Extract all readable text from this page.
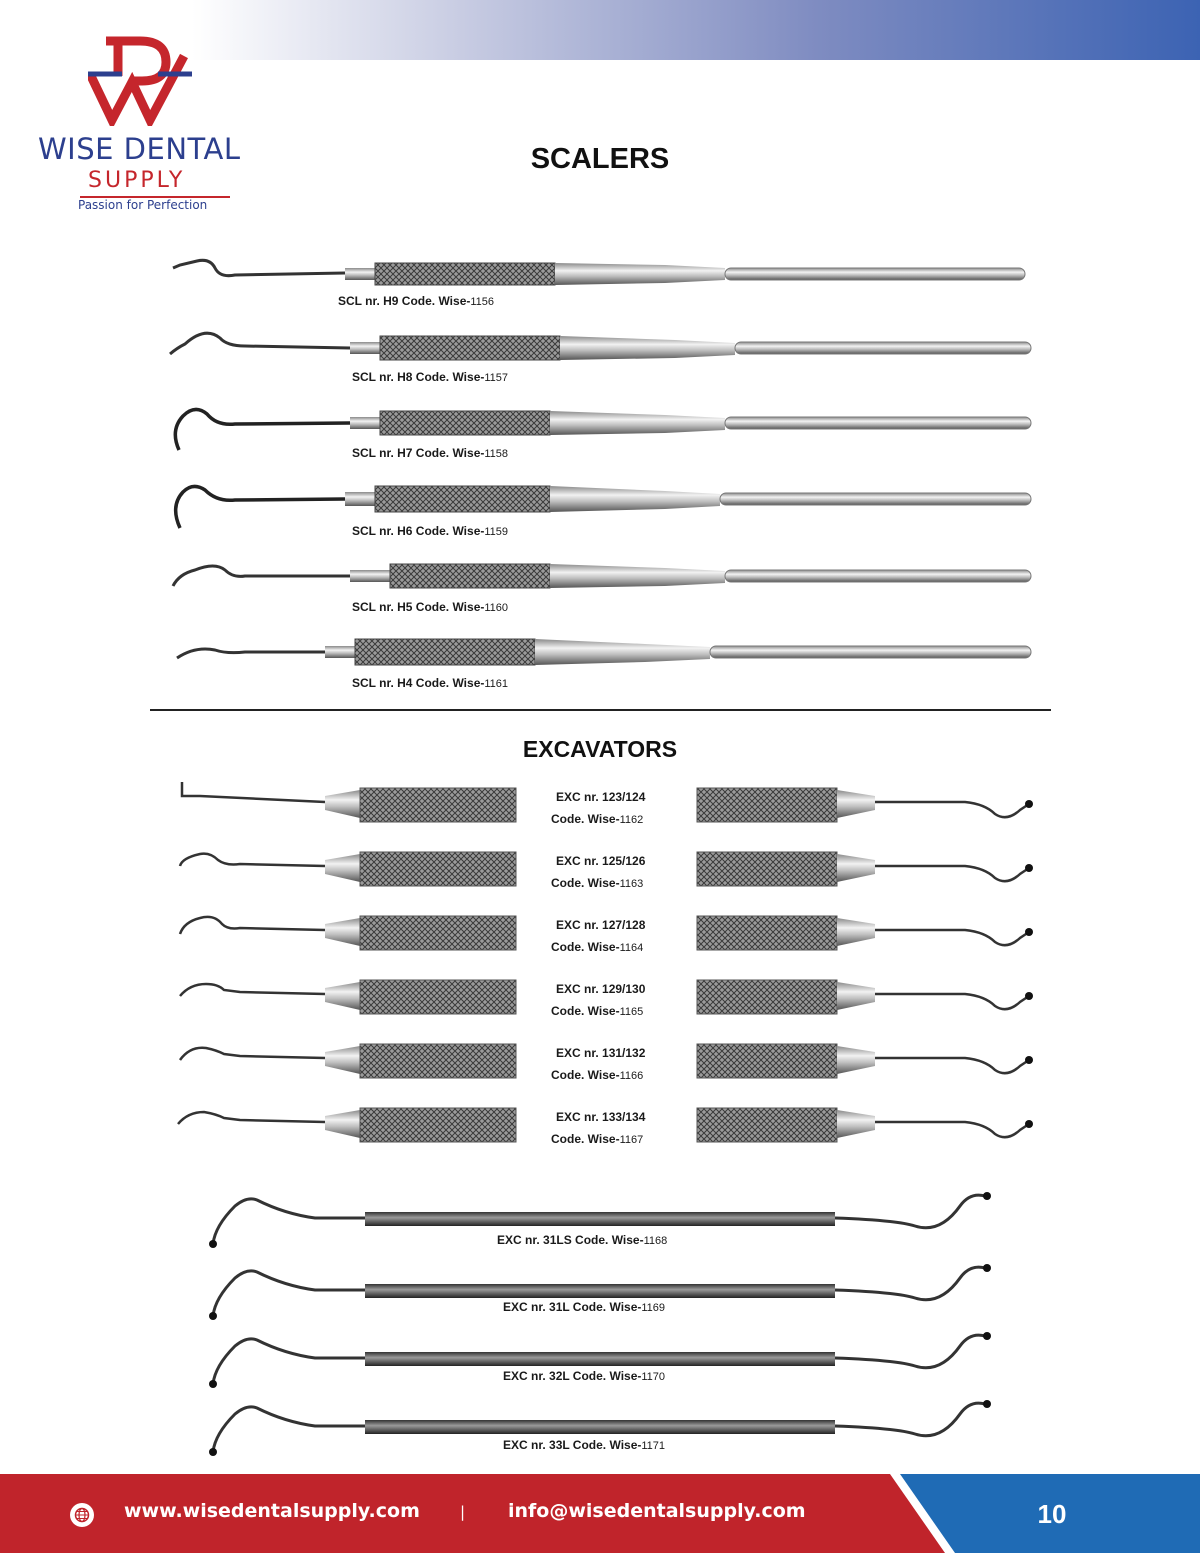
WISE DENTAL
SUPPLY
Passion for Perfection
SCALERS
SCL nr. H9 Code. Wise-1156
SCL nr. H8 Code. Wise-1157
SCL nr. H7 Code. Wise-1158
SCL nr. H6 Code. Wise-1159
SCL nr. H5 Code. Wise-1160
SCL nr. H4 Code. Wise-1161
EXCAVATORS
EXC nr. 123/124
Code. Wise-1162
EXC nr. 125/126
Code. Wise-1163
EXC nr. 127/128
Code. Wise-1164
EXC nr. 129/130
Code. Wise-1165
EXC nr. 131/132
Code. Wise-1166
EXC nr. 133/134
Code. Wise-1167
EXC nr. 31LS Code. Wise-1168
EXC nr. 31L Code. Wise-1169
EXC nr. 32L Code. Wise-1170
EXC nr. 33L Code. Wise-1171
www.wisedentalsupply.com	| info@wisedentalsupply.com	10
